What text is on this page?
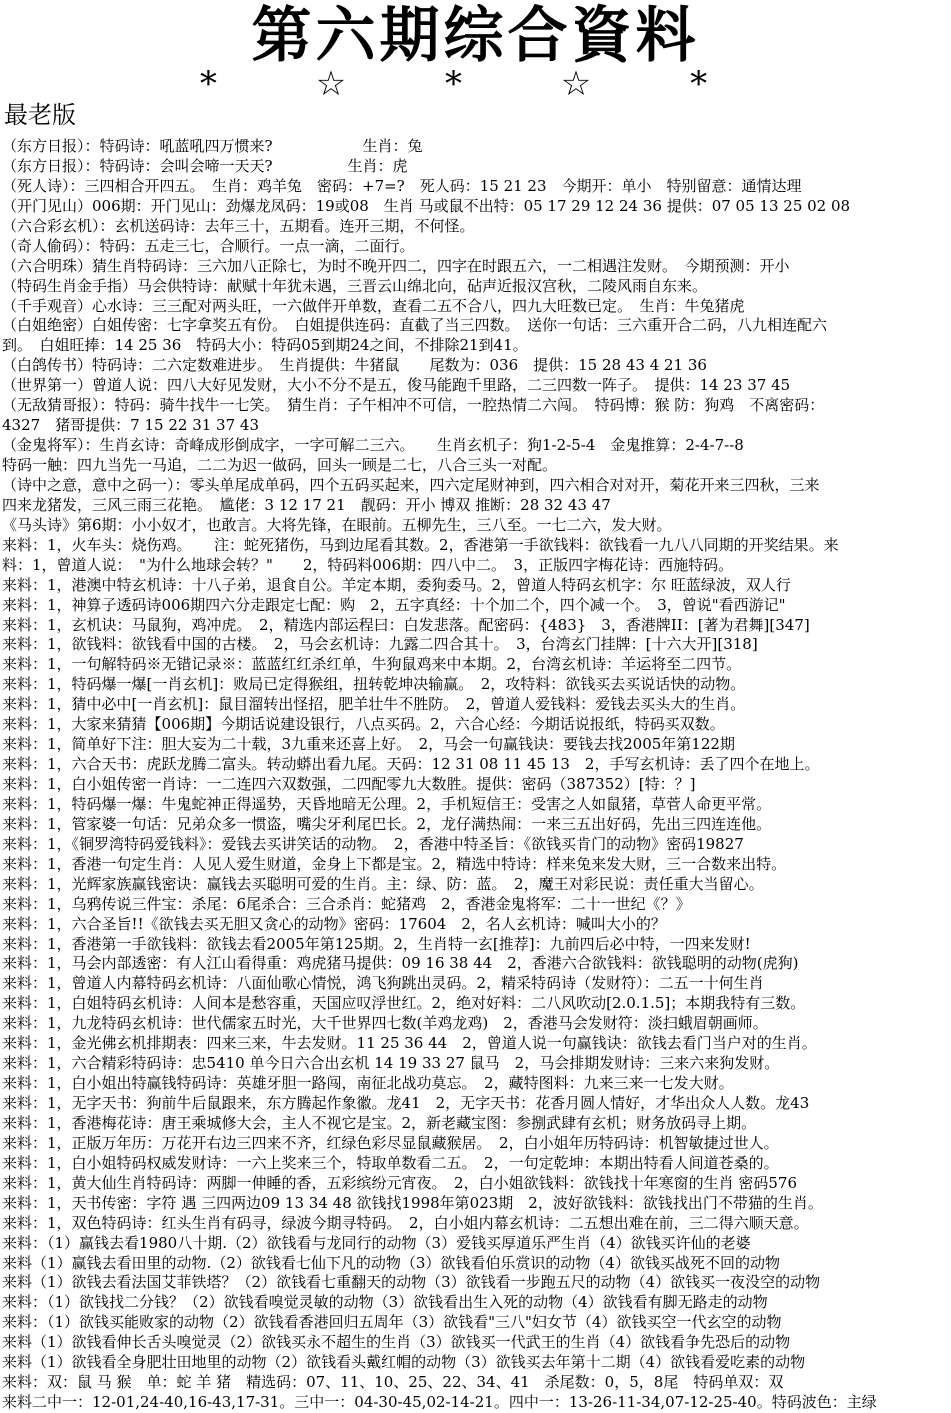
第六期综合資料
* ☆ * ☆ *
最老版
（东方日报）：特码诗：吼蓝吼四万惯来?　　　　　　生肖：兔
（东方日报）：特码诗：会叫会啼一天天?　　　　　生肖：虎
（死人诗）：三四相合开四五。　生肖：鸡羊兔　密码：+7=?　死人码：15 21 23　今期开：单小　特别留意：通情达理
（开门见山）006期：开门见山：劲爆龙凤码：19或08　生肖 马或鼠不出特：05 17 29 12 24 36 提供：07 05 13 25 02 08
（六合彩玄机）：玄机送码诗：去年三十，五期看。连开三期，不何怪。
（奇人偷码）：特码：五走三七，合顺行。一点一滴，二面行。
（六合明珠）猜生肖特码诗：三六加八正除七，为时不晚开四二，四字在时跟五六，一二相遇注发财。　今期预测：开小
（特码生肖金手指）马会供特诗：献赋十年犹未遇，三晋云山绵北向，砧声近报汉宫秋，二陵风雨自东来。
（千手观音）心水诗：三三配对两头旺，一六做伴开单数，查看二五不合八，四九大旺数已定。　生肖：牛兔猪虎
（白姐绝密）白姐传密：七字拿奖五有份。　白姐提供连码：直截了当三四数。　送你一句话：三六重开合二码，八九相连配六
到。　白姐旺捧：14 25 36　特码大小：特码05到期24之间，不排除21到41。
（白鸽传书）特码诗：二六定数难进步。　生肖提供：牛猪鼠　　尾数为：036　提供：15 28 43 4 21 36
（世界第一）曾道人说：四八大好见发财，大小不分不是五，俊马能跑千里路，二三四数一阵子。　提供：14 23 37 45
（无敌猜哥报）：特码：骑牛找牛一七笑。　猜生肖：子午相冲不可信，一腔热情二六闯。　特码博：猴 防：狗鸡　不离密码：
4327　猪哥提供：7 15 22 31 37 43
（金鬼将军）：生肖玄诗：奇峰成形倒成字，一字可解二三六。　　生肖玄机子：狗1-2-5-4　金鬼推算：2-4-7--8
特码一触：四九当先一马追，二二为迟一做码，回头一顾是二七，八合三头一对配。
（诗中之意，意中之码一）：零头单尾成单码，四个五码买起来，四六定尾财神到，四六相合对对开，菊花开来三四秋，三来
四来龙猪发，三风三雨三花艳。　尴佬：3 12 17 21　靓码：开小 博双 推断：28 32 43 47
《马头诗》第6期：小小奴才，也敢言。大将先锋，在眼前。五柳先生，三八至。一七二六，发大财。
来料：1，火车头：烧伤鸡。　　注：蛇死猪伤，马到边尾看其数。2，香港第一手欲钱料：欲钱看一九八八同期的开奖结果。来
料：1，曾道人说：　"为什么地球会转？"　　2，特码料006期：四八中二。　3，正版四字梅花诗：西施特码。
来料：1，港澳中特玄机诗：十八子弟，退食自公。羊定本期，委狗委马。2，曾道人特码玄机字：尔 旺蓝绿波，双人行
来料：1，神算子透码诗006期四六分走跟定七配：购　2，五字真经：十个加二个，四个减一个。　3，曾说"看西游记"
来料：1，玄机诀：马鼠狗，鸡冲虎。　2，精选内部运程曰：白发悲落。配密码：{483}　3，香港牌II：[著为君舞][347]
来料：1，欲钱料：欲钱看中国的古楼。　2，马会玄机诗：九露二四合其十。　3，台湾玄门挂牌：[十六大开][318]
来料：1，一句解特码※无错记录※：蓝蓝红红杀红单，牛狗鼠鸡来中本期。2，台湾玄机诗：羊运将至二四节。
来料：1，特码爆一爆[一肖玄机]：败局已定得猴组，扭转乾坤决输赢。　2，攻特料：欲钱买去买说话快的动物。
来料：1，猜中必中[一肖玄机]：鼠目溜转出怪招，肥羊壮牛不胜防。　2，曾道人爱钱料：爱钱去买头大的生肖。
来料：1，大家来猜猜【006期】今期话说建设银行，八点买码。2，六合心经：今期话说报纸，特码买双数。
来料：1，简单好下注：胆大妄为二十载，3九重来还喜上好。　2，马会一句赢钱诀：要钱去找2005年第122期
来料：1，六合天书：虎跃龙腾二富头。转动蟒出看九尾。天码：12 31 08 11 45 13　2，手写玄机诗：丢了四个在地上。
来料：1，白小姐传密一肖诗：一二连四六双数强，二四配零九大数胜。提供：密码（387352）[特：？]
来料：1，特码爆一爆：牛鬼蛇神正得遥势，天昏地暗无公理。2，手机短信王：受害之人如鼠猪，草菅人命更平常。
来料：1，管家婆一句话：兄弟众多一惯盗，嘴尖牙利尾巴长。2，龙仔满热闹：一来三五出好码，先出三四连连他。
来料：1，《铜罗湾特码爱钱料》：爱钱去买讲笑话的动物。　2，香港中特圣旨：《欲钱买肯门的动物》密码19827
来料：1，香港一句定生肖：人见人爱生财道，金身上下都是宝。2，精选中特诗：样来兔来发大财，三一合数来出特。
来料：1，光辉家族赢钱密诀：赢钱去买聪明可爱的生肖。主：绿、防：蓝。　2，魔王对彩民说：责任重大当留心。
来料：1，乌鸦传说三件宝：杀尾：6尾杀合：三合杀肖：蛇猪鸡　2，香港金鬼将军：二十一世纪《？》
来料：1，六合圣旨!!《欲钱去买无胆又贪心的动物》密码：17604　2，名人玄机诗：喊叫大小的？
来料：1，香港第一手欲钱料：欲钱去看2005年第125期。2，生肖特一玄[推荐]：九前四后必中特，一四来发财!
来料：1，马会内部透密：有人江山看得重：鸡虎猪马提供：09 16 38 44　2，香港六合欲钱料：欲钱聪明的动物(虎狗)
来料：1，曾道人内幕特码玄机诗：八面仙歌心情悦，鸿飞狗跳出灵码。2，精采特码诗（发财符）：二五一十何生肖
来料：1，白姐特码玄机诗：人间本是愁容重，天国应叹浮世红。2，绝对好料：二八风吹动[2.0.1.5]；本期我特有三数。
来料：1，九龙特码玄机诗：世代儒家五时光，大千世界四七数(羊鸡龙鸡)　2，香港马会发财符：淡扫蛾眉朝画师。
来料：1，金光佛玄机排期表：四来三来，牛去发财。11 25 36 44　2，曾道人说一句赢钱诀：欲钱去看门当户对的生肖。
来料：1，六合精彩特码诗：忠5410 单今日六合出玄机 14 19 33 27 鼠马　2，马会排期发财诗：三来六来狗发财。
来料：1，白小姐出特赢钱特码诗：英雄牙胆一路闯，南征北战功莫忘。　2，藏特图料：九来三来一七发大财。
来料：1，无字天书：狗前牛后鼠跟来，东方腾起作象徽。龙41　2，无字天书：花香月圆人情好，才华出众人人数。龙43
来料：1，香港梅花诗：唐王乘城修大会，主人不视它是宝。2，新老藏宝图：参捌武肆有玄机；财务放码寻上期。
来料：1，正版万年历：万花开右边三四来不齐，红绿色彩尽显鼠藏猴居。　2，白小姐年历特码诗：机智敏捷过世人。
来料：1，白小姐特码权威发财诗：一六上奖来三个，特取单数看二五。　2，一句定乾坤：本期出特看人间道苍桑的。
来料：1，黄大仙生肖特码诗：两脚一伸睡的香，五彩缤纷元宵夜。　2，白小姐欲钱料：欲钱找十年寒窗的生肖 密码576
来料：1，天书传密：字符 遇 三四两边09 13 34 48 欲钱找1998年第023期　2，波好欲钱料：欲钱找出门不带猫的生肖。
来料：1，双色特码诗：红头生肖有码寻，绿波今期寻特码。　2，白小姐内幕玄机诗：二五想出难在前，三二得六顺天意。
来料：（1）赢钱去看1980八十期.（2）欲钱看与龙同行的动物（3）爱钱买厚道乐严生肖（4）欲钱买许仙的老婆
来料（1）赢钱去看田里的动物.（2）欲钱看七仙下凡的动物（3）欲钱看伯乐赏识的动物（4）欲钱买战死不回的动物
来料（1）欲钱去看法国艾菲铁塔？（2）欲钱看七重翻天的动物（3）欲钱看一步跑五尺的动物（4）欲钱买一夜没空的动物
来料：（1）欲钱找二分钱？（2）欲钱看嗅觉灵敏的动物（3）欲钱看出生入死的动物（4）欲钱看有脚无路走的动物
来料：（1）欲钱买能败家的动物（2）欲钱看香港回归五周年（3）欲钱看"三八"妇女节（4）欲钱买空一代玄空的动物
来料（1）欲钱看伸长舌头嗅觉灵（2）欲钱买永不超生的生肖（3）欲钱买一代武王的生肖（4）欲钱看争先恐后的动物
来料（1）欲钱看全身肥壮田地里的动物（2）欲钱看头戴红帽的动物（3）欲钱买去年第十二期（4）欲钱看爱吃素的动物
来料：双：鼠 马 猴　单：蛇 羊 猪　精选码：07、11、10、25、22、34、41　杀尾数：0，5，8尾　特码单双：双
来料二中一：12-01,24-40,16-43,17-31。三中一：04-30-45,02-14-21。四中一：13-26-11-34,07-12-25-40。特码波色：主绿
